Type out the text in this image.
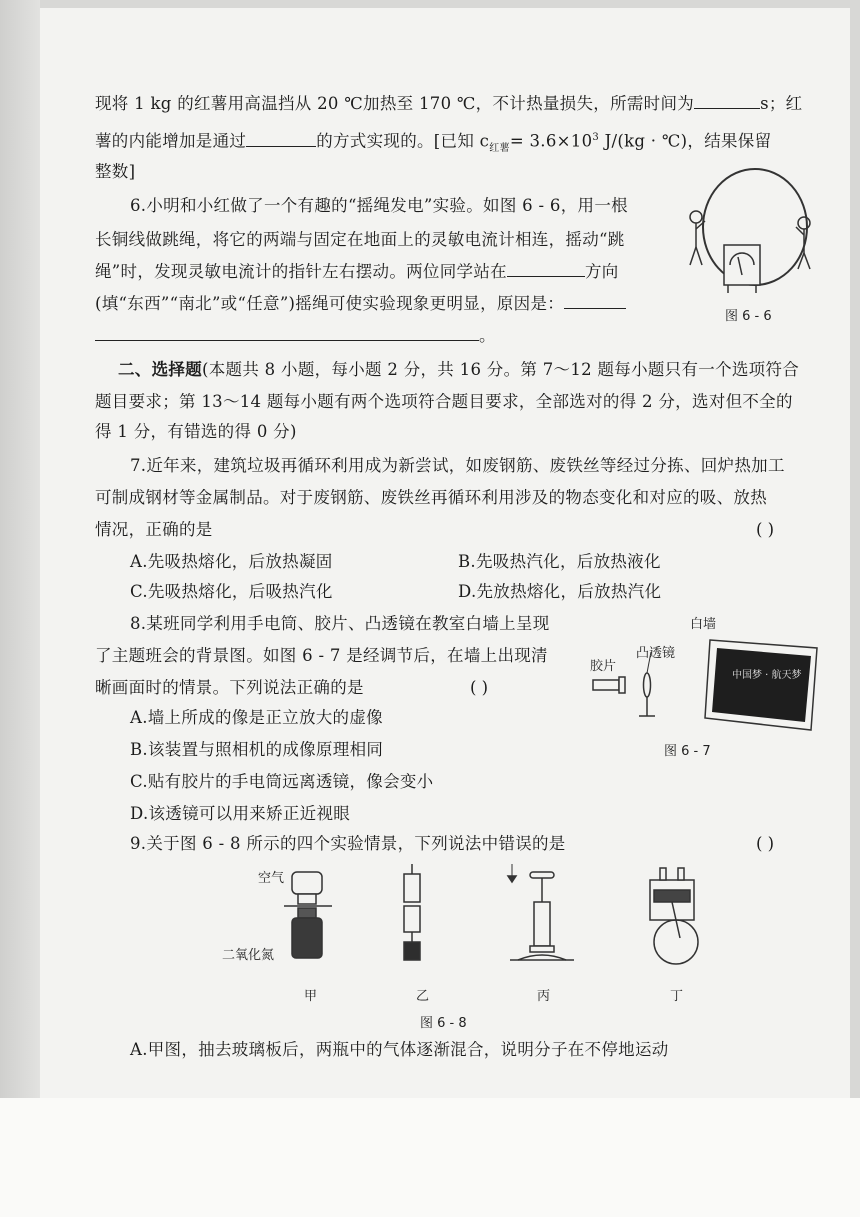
现将 1 kg 的红薯用高温挡从 20 ℃加热至 170 ℃，不计热量损失，所需时间为	s；红
薯的内能增加是通过	的方式实现的。[已知 $c_{红薯}= 3.6\times 10^3$ J/(kg · ℃)，结果保留
整数]
6.小明和小红做了一个有趣的“摇绳发电”实验。如图 6 - 6，用一根
长铜线做跳绳，将它的两端与固定在地面上的灵敏电流计相连，摇动“跳
绳”时，发现灵敏电流计的指针左右摆动。两位同学站在	方向
(填“东西”“南北”或“任意”)摇绳可使实验现象更明显，原因是：
。
图 6 - 6
二、选择题(本题共 8 小题，每小题 2 分，共 16 分。第 7～12 题每小题只有一个选项符合
题目要求；第 13～14 题每小题有两个选项符合题目要求，全部选对的得 2 分，选对但不全的
得 1 分，有错选的得 0 分)
7.近年来，建筑垃圾再循环利用成为新尝试，如废钢筋、废铁丝等经过分拣、回炉热加工
可制成钢材等金属制品。对于废钢筋、废铁丝再循环利用涉及的物态变化和对应的吸、放热
情况，正确的是	( )
A.先吸热熔化，后放热凝固	B.先吸热汽化，后放热液化
C.先吸热熔化，后吸热汽化	D.先放热熔化，后放热汽化
8.某班同学利用手电筒、胶片、凸透镜在教室白墙上呈现
了主题班会的背景图。如图 6 - 7 是经调节后，在墙上出现清
晰画面时的情景。下列说法正确的是	( )
A.墙上所成的像是正立放大的虚像
B.该装置与照相机的成像原理相同
C.贴有胶片的手电筒远离透镜，像会变小
D.该透镜可以用来矫正近视眼
白墙
凸透镜
胶片
中国梦 · 航天梦
图 6 - 7
9.关于图 6 - 8 所示的四个实验情景，下列说法中错误的是	( )
空气
二氧化氮
甲	乙	丙	丁
图 6 - 8
A.甲图，抽去玻璃板后，两瓶中的气体逐渐混合，说明分子在不停地运动
